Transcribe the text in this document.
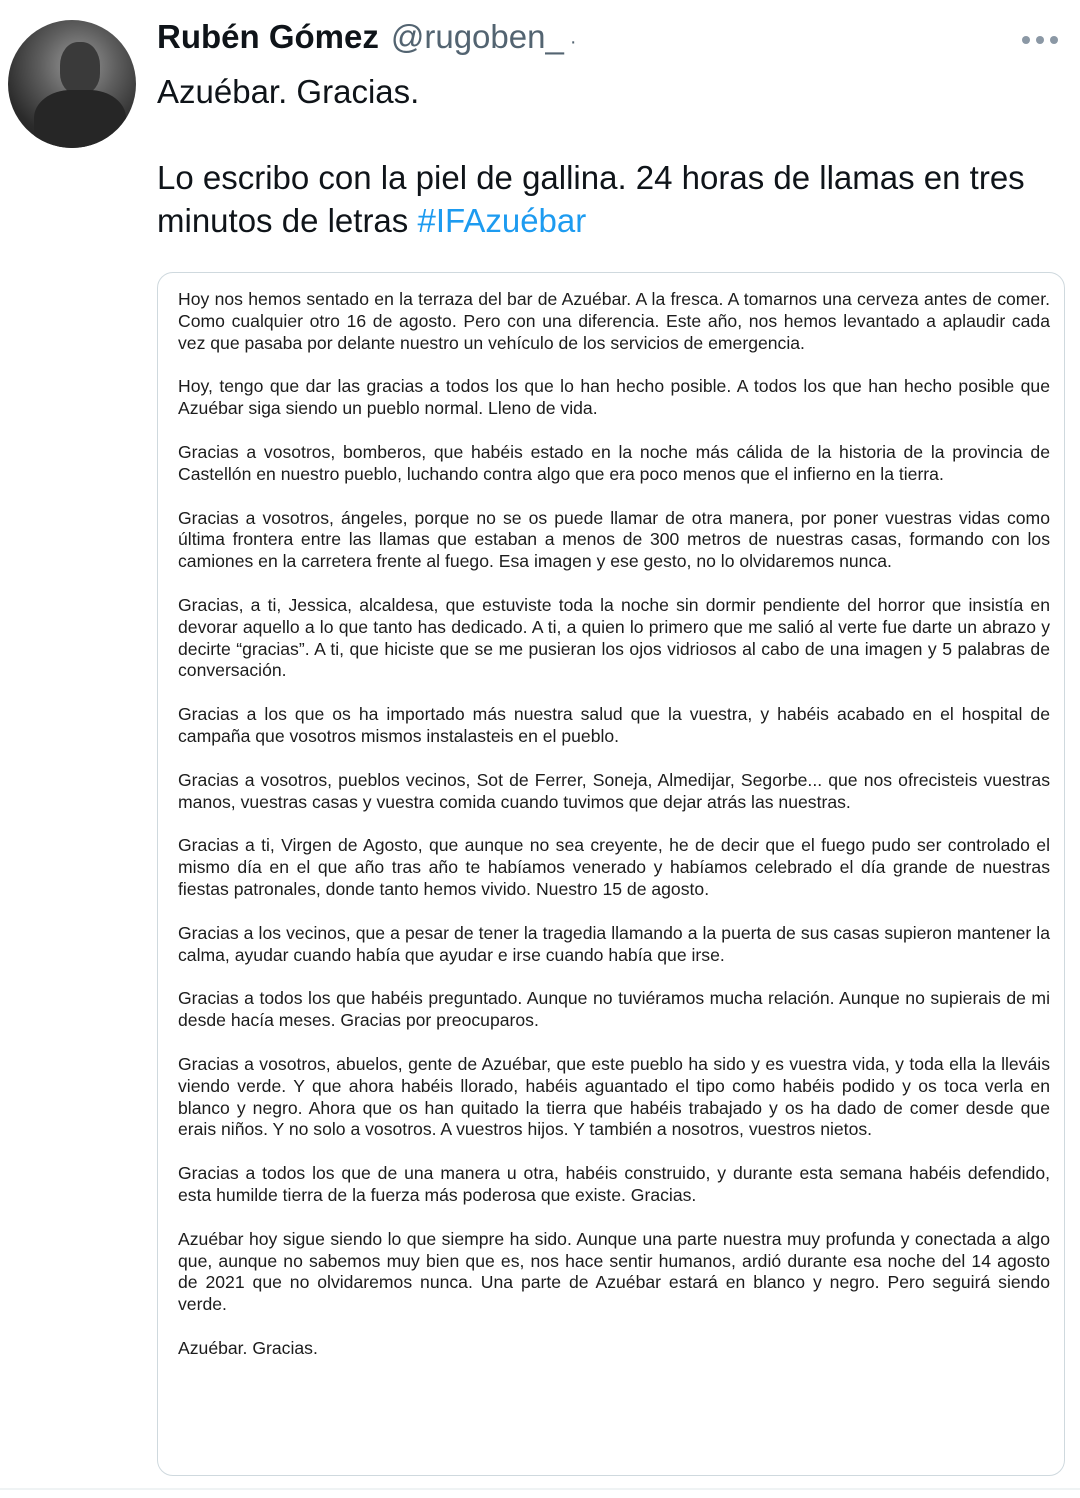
Rubén Gómez @rugoben_ ·

Azuébar. Gracias.

Lo escribo con la piel de gallina. 24 horas de llamas en tres minutos de letras #IFAzuébar

Hoy nos hemos sentado en la terraza del bar de Azuébar. A la fresca. A tomarnos una cerveza antes de comer. Como cualquier otro 16 de agosto. Pero con una diferencia. Este año, nos hemos levantado a aplaudir cada vez que pasaba por delante nuestro un vehículo de los servicios de emergencia.

Hoy, tengo que dar las gracias a todos los que lo han hecho posible. A todos los que han hecho posible que Azuébar siga siendo un pueblo normal. Lleno de vida.

Gracias a vosotros, bomberos, que habéis estado en la noche más cálida de la historia de la provincia de Castellón en nuestro pueblo, luchando contra algo que era poco menos que el infierno en la tierra.

Gracias a vosotros, ángeles, porque no se os puede llamar de otra manera, por poner vuestras vidas como última frontera entre las llamas que estaban a menos de 300 metros de nuestras casas, formando con los camiones en la carretera frente al fuego. Esa imagen y ese gesto, no lo olvidaremos nunca.

Gracias, a ti, Jessica, alcaldesa, que estuviste toda la noche sin dormir pendiente del horror que insistía en devorar aquello a lo que tanto has dedicado. A ti, a quien lo primero que me salió al verte fue darte un abrazo y decirte “gracias”. A ti, que hiciste que se me pusieran los ojos vidriosos al cabo de una imagen y 5 palabras de conversación.

Gracias a los que os ha importado más nuestra salud que la vuestra, y habéis acabado en el hospital de campaña que vosotros mismos instalasteis en el pueblo.

Gracias a vosotros, pueblos vecinos, Sot de Ferrer, Soneja, Almedijar, Segorbe... que nos ofrecisteis vuestras manos, vuestras casas y vuestra comida cuando tuvimos que dejar atrás las nuestras.

Gracias a ti, Virgen de Agosto, que aunque no sea creyente, he de decir que el fuego pudo ser controlado el mismo día en el que año tras año te habíamos venerado y habíamos celebrado el día grande de nuestras fiestas patronales, donde tanto hemos vivido. Nuestro 15 de agosto.

Gracias a los vecinos, que a pesar de tener la tragedia llamando a la puerta de sus casas supieron mantener la calma, ayudar cuando había que ayudar e irse cuando había que irse.

Gracias a todos los que habéis preguntado. Aunque no tuviéramos mucha relación. Aunque no supierais de mi desde hacía meses. Gracias por preocuparos.

Gracias a vosotros, abuelos, gente de Azuébar, que este pueblo ha sido y es vuestra vida, y toda ella la lleváis viendo verde. Y que ahora habéis llorado, habéis aguantado el tipo como habéis podido y os toca verla en blanco y negro. Ahora que os han quitado la tierra que habéis trabajado y os ha dado de comer desde que erais niños. Y no solo a vosotros. A vuestros hijos. Y también a nosotros, vuestros nietos.

Gracias a todos los que de una manera u otra, habéis construido, y durante esta semana habéis defendido, esta humilde tierra de la fuerza más poderosa que existe. Gracias.

Azuébar hoy sigue siendo lo que siempre ha sido. Aunque una parte nuestra muy profunda y conectada a algo que, aunque no sabemos muy bien que es, nos hace sentir humanos, ardió durante esa noche del 14 agosto de 2021 que no olvidaremos nunca. Una parte de Azuébar estará en blanco y negro. Pero seguirá siendo verde.

Azuébar. Gracias.
